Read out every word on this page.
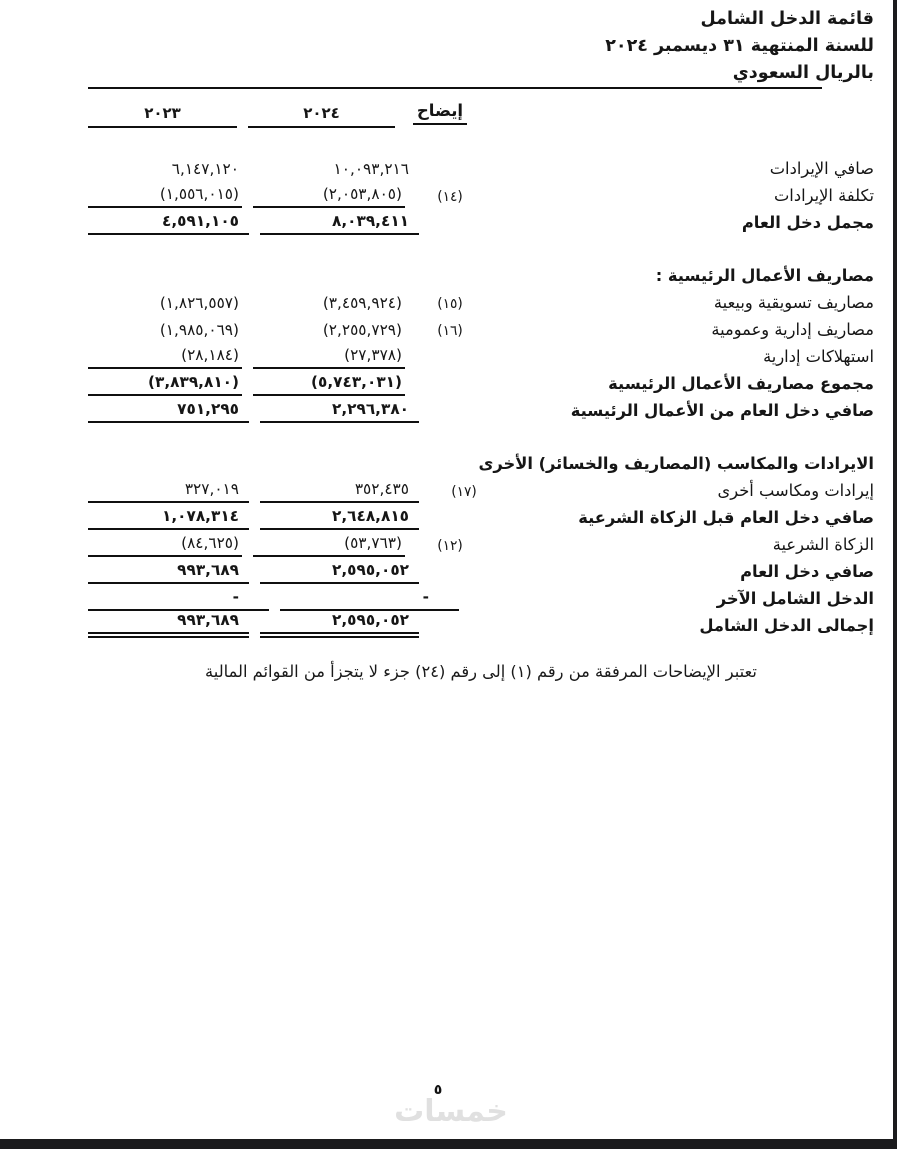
قائمة الدخل الشامل
للسنة المنتهية ٣١ ديسمبر ٢٠٢٤
بالريال السعودي
إيضاح
٢٠٢٤
٢٠٢٣
صافي الإيرادات
١٠,٠٩٣,٢١٦
٦,١٤٧,١٢٠
تكلفة الإيرادات
(١٤)
(٢,٠٥٣,٨٠٥)
(١,٥٥٦,٠١٥)
مجمل دخل العام
٨,٠٣٩,٤١١
٤,٥٩١,١٠٥
مصاريف الأعمال الرئيسية :
مصاريف تسويقية وبيعية
(١٥)
(٣,٤٥٩,٩٢٤)
(١,٨٢٦,٥٥٧)
مصاريف إدارية وعمومية
(١٦)
(٢,٢٥٥,٧٢٩)
(١,٩٨٥,٠٦٩)
استهلاكات إدارية
(٢٧,٣٧٨)
(٢٨,١٨٤)
مجموع مصاريف الأعمال الرئيسية
(٥,٧٤٣,٠٣١)
(٣,٨٣٩,٨١٠)
صافي دخل العام من الأعمال الرئيسية
٢,٢٩٦,٣٨٠
٧٥١,٢٩٥
الايرادات والمكاسب (المصاريف والخسائر) الأخرى
إيرادات ومكاسب أخرى
(١٧)
٣٥٢,٤٣٥
٣٢٧,٠١٩
صافي دخل العام قبل الزكاة الشرعية
٢,٦٤٨,٨١٥
١,٠٧٨,٣١٤
الزكاة الشرعية
(١٢)
(٥٣,٧٦٣)
(٨٤,٦٢٥)
صافي دخل العام
٢,٥٩٥,٠٥٢
٩٩٣,٦٨٩
الدخل الشامل الآخر
-
-
إجمالى الدخل الشامل
٢,٥٩٥,٠٥٢
٩٩٣,٦٨٩
تعتبر الإيضاحات المرفقة من رقم (١) إلى رقم (٢٤) جزء لا يتجزأ من القوائم المالية
٥
خمسات
